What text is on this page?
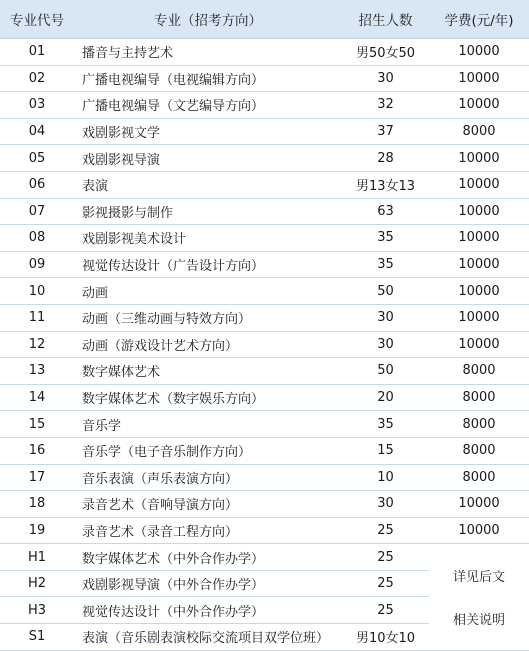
专业代号	专业（招考方向）	招生人数	学费(元/年)
01	播音与主持艺术	男50女50	10000
02	广播电视编导（电视编辑方向）	30	10000
03	广播电视编导（文艺编导方向）	32	10000
04	戏剧影视文学	37	8000
05	戏剧影视导演	28	10000
06	表演	男13女13	10000
07	影视摄影与制作	63	10000
08	戏剧影视美术设计	35	10000
09	视觉传达设计（广告设计方向）	35	10000
10	动画	50	10000
11	动画（三维动画与特效方向）	30	10000
12	动画（游戏设计艺术方向）	30	10000
13	数字媒体艺术	50	8000
14	数字媒体艺术（数字娱乐方向）	20	8000
15	音乐学	35	8000
16	音乐学（电子音乐制作方向）	15	8000
17	音乐表演（声乐表演方向）	10	8000
18	录音艺术（音响导演方向）	30	10000
19	录音艺术（录音工程方向）	25	10000
H1	数字媒体艺术（中外合作办学）	25	详见后文
相关说明

H2	戏剧影视导演（中外合作办学）	25	
H3	视觉传达设计（中外合作办学）	25	
S1	表演（音乐剧表演校际交流项目双学位班）	男10女10	
